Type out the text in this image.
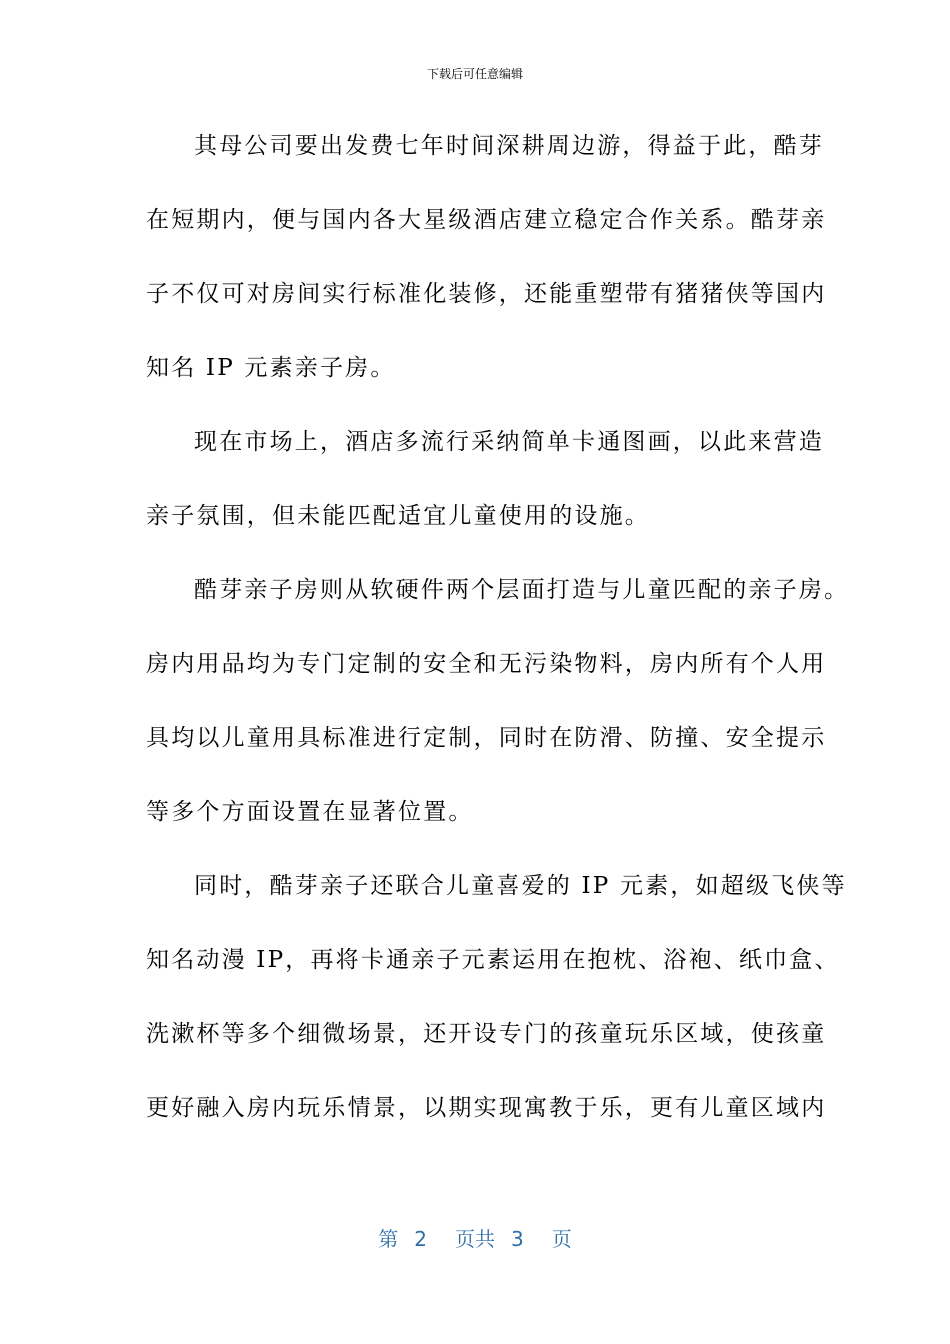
下载后可任意编辑
其母公司要出发费七年时间深耕周边游，得益于此，酷芽
在短期内，便与国内各大星级酒店建立稳定合作关系。酷芽亲
子不仅可对房间实行标准化装修，还能重塑带有猪猪侠等国内
知名 IP 元素亲子房。
现在市场上，酒店多流行采纳简单卡通图画，以此来营造
亲子氛围，但未能匹配适宜儿童使用的设施。
酷芽亲子房则从软硬件两个层面打造与儿童匹配的亲子房。
房内用品均为专门定制的安全和无污染物料，房内所有个人用
具均以儿童用具标准进行定制，同时在防滑、防撞、安全提示
等多个方面设置在显著位置。
同时，酷芽亲子还联合儿童喜爱的 IP 元素，如超级飞侠等
知名动漫 IP，再将卡通亲子元素运用在抱枕、浴袍、纸巾盒、
洗漱杯等多个细微场景，还开设专门的孩童玩乐区域，使孩童
更好融入房内玩乐情景，以期实现寓教于乐，更有儿童区域内
第 2 页共 3 页
